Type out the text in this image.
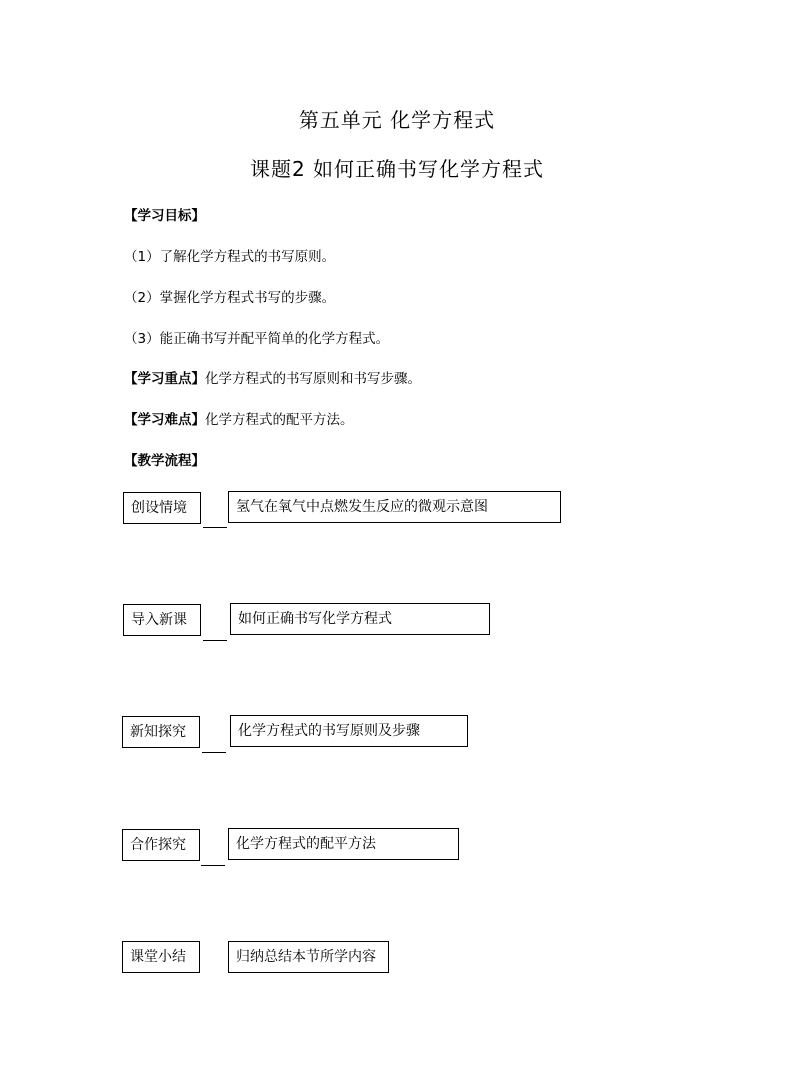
第五单元 化学方程式
课题2 如何正确书写化学方程式
【学习目标】
（1）了解化学方程式的书写原则。
（2）掌握化学方程式书写的步骤。
（3）能正确书写并配平简单的化学方程式。
【学习重点】化学方程式的书写原则和书写步骤。
【学习难点】化学方程式的配平方法。
【教学流程】
创设情境	氢气在氧气中点燃发生反应的微观示意图
导入新课	如何正确书写化学方程式
新知探究	化学方程式的书写原则及步骤
合作探究	化学方程式的配平方法
课堂小结	归纳总结本节所学内容
